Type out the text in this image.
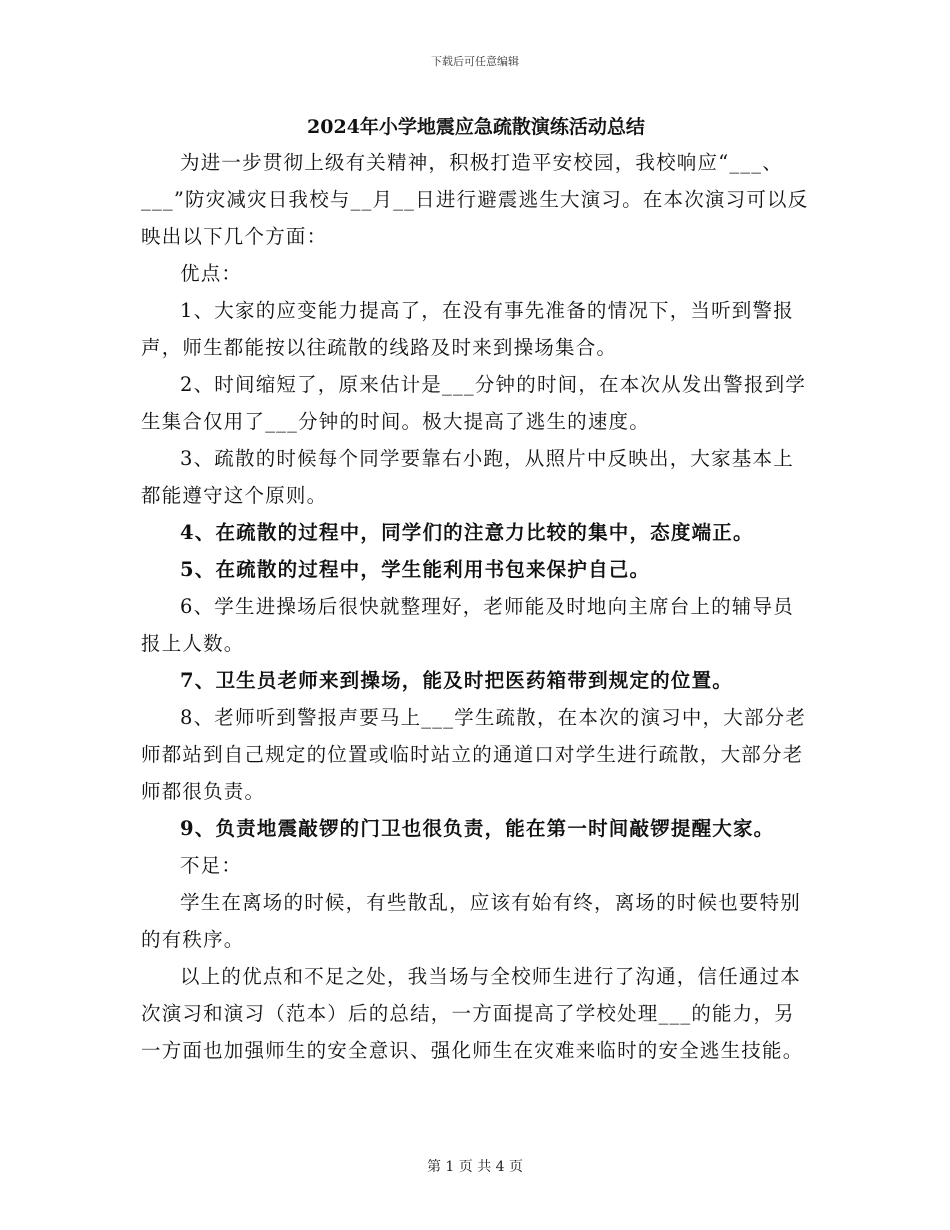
下载后可任意编辑
2024年小学地震应急疏散演练活动总结

为进一步贯彻上级有关精神，积极打造平安校园，我校响应“___、___”防灾减灾日我校与__月__日进行避震逃生大演习。在本次演习可以反映出以下几个方面：

优点：

1、大家的应变能力提高了，在没有事先准备的情况下，当听到警报声，师生都能按以往疏散的线路及时来到操场集合。

2、时间缩短了，原来估计是___分钟的时间，在本次从发出警报到学生集合仅用了___分钟的时间。极大提高了逃生的速度。

3、疏散的时候每个同学要靠右小跑，从照片中反映出，大家基本上都能遵守这个原则。

4、在疏散的过程中，同学们的注意力比较的集中，态度端正。

5、在疏散的过程中，学生能利用书包来保护自己。

6、学生进操场后很快就整理好，老师能及时地向主席台上的辅导员报上人数。

7、卫生员老师来到操场，能及时把医药箱带到规定的位置。

8、老师听到警报声要马上___学生疏散，在本次的演习中，大部分老师都站到自己规定的位置或临时站立的通道口对学生进行疏散，大部分老师都很负责。

9、负责地震敲锣的门卫也很负责，能在第一时间敲锣提醒大家。

不足：

学生在离场的时候，有些散乱，应该有始有终，离场的时候也要特别的有秩序。

以上的优点和不足之处，我当场与全校师生进行了沟通，信任通过本次演习和演习（范本）后的总结，一方面提高了学校处理___的能力，另一方面也加强师生的安全意识、强化师生在灾难来临时的安全逃生技能。

第 1 页 共 4 页
